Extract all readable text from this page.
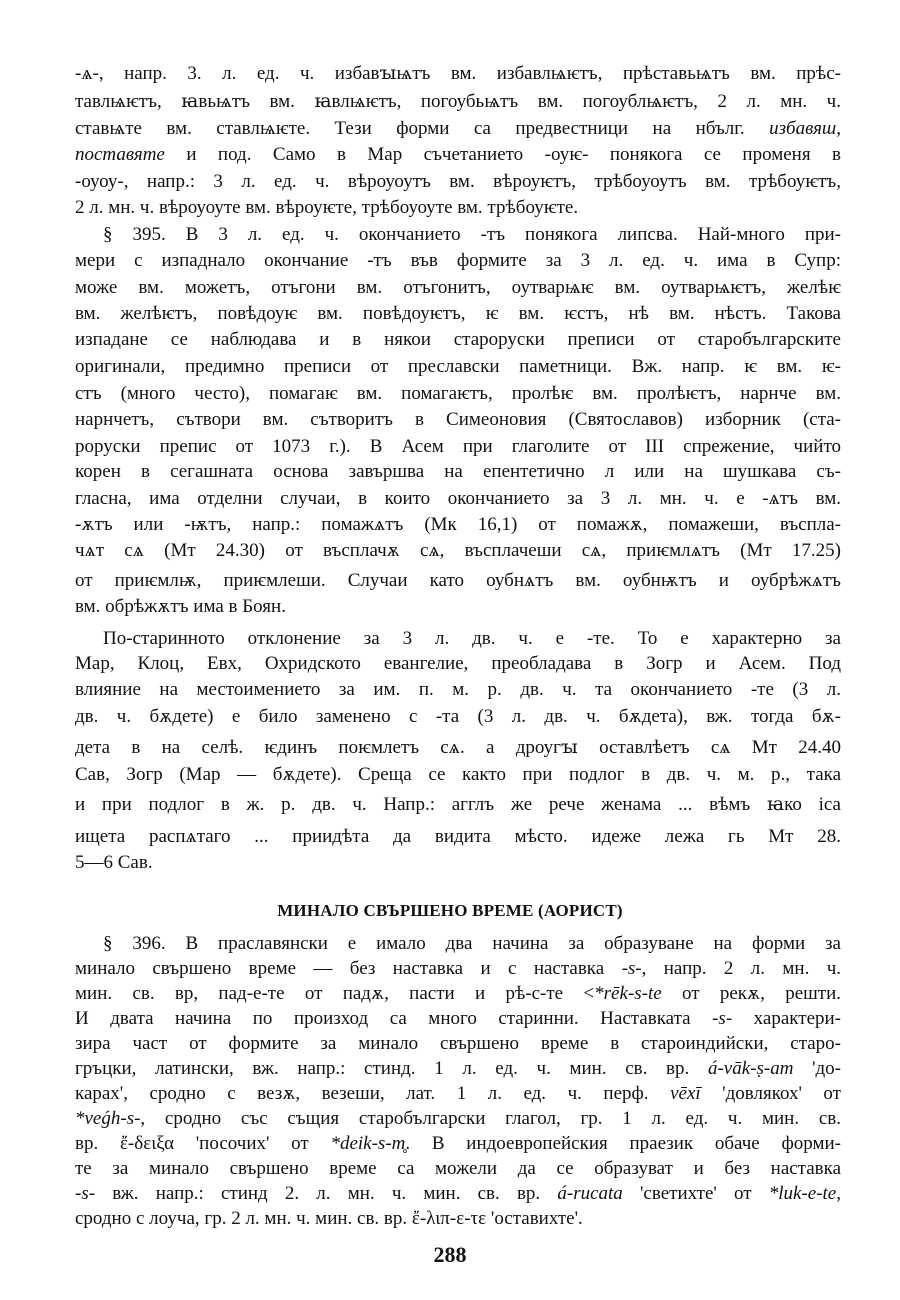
-ѧ-, напр. 3. л. ед. ч. избавꙑѩтъ вм. избавлѩѥтъ, прѣставьѩтъ вм. прѣс-
тавлѩѥтъ, ꙗвьѩтъ вм. ꙗвлѩѥтъ, погоубьѩтъ вм. погоублѩѥтъ, 2 л. мн. ч.
ставѩте вм. ставлѩѥте. Тези форми са предвестници на нбълг. избавяш,
поставяте и под. Само в Мар съчетанието -оуѥ- понякога се променя в
-оуоу-, напр.: 3 л. ед. ч. вѣроуоутъ вм. вѣроуѥтъ, трѣбоуоутъ вм. трѣбоуѥтъ,
2 л. мн. ч. вѣроуоуте вм. вѣроуѥте, трѣбоуоуте вм. трѣбоуѥте.
§ 395. В 3 л. ед. ч. окончанието -тъ понякога липсва. Най-много при-
мери с изпаднало окончание -тъ във формите за 3 л. ед. ч. има в Супр:
може вм. можетъ, отъгони вм. отъгонитъ, оутварѩѥ вм. оутварѩѥтъ, желѣѥ
вм. желѣѥтъ, повѣдоуѥ вм. повѣдоуѥтъ, ѥ вм. ѥстъ, нѣ вм. нѣстъ. Такова
изпадане се наблюдава и в някои староруски преписи от старобългарските
оригинали, предимно преписи от преславски паметници. Вж. напр. ѥ вм. ѥ-
стъ (много често), помагаѥ вм. помагаѥтъ, пролѣѥ вм. пролѣѥтъ, нарнче вм.
нарнчетъ, сътвори вм. сътворитъ в Симеоновия (Святославов) изборник (ста-
роруски препис от 1073 г.). В Асем при глаголите от III спрежение, чийто
корен в сегашната основа завършва на епентетично л или на шушкава съ-
гласна, има отделни случаи, в които окончанието за 3 л. мн. ч. е -ѧтъ вм.
-ѫтъ или -ѭтъ, напр.: помажѧтъ (Мк 16,1) от помажѫ, помажеши, въспла-
чѧт сѧ (Мт 24.30) от въсплачѫ сѧ, въсплачеши сѧ, приѥмлѧтъ (Мт 17.25)
от приѥмлѭ, приѥмлеши. Случаи като оубнѧтъ вм. оубнѭтъ и оубрѣжѧтъ
вм. обрѣжѫтъ има в Боян.
По-старинното отклонение за 3 л. дв. ч. е -те. То е характерно за
Мар, Клоц, Евх, Охридското евангелие, преобладава в Зогр и Асем. Под
влияние на местоимението за им. п. м. р. дв. ч. та окончанието -те (3 л.
дв. ч. бѫдете) е било заменено с -та (3 л. дв. ч. бѫдета), вж. тогда бѫ-
дета в на селѣ. ѥдинъ поѥмлетъ сѧ. а дроугꙑ оставлѣетъ сѧ Мт 24.40
Сав, Зогр (Мар — бѫдете). Среща се както при подлог в дв. ч. м. р., така
и при подлог в ж. р. дв. ч. Напр.: агглъ же рече женама ... вѣмъ ꙗко іса
ищета распѧтаго ... приидѣта да видита мѣсто. идеже лежа гь Мт 28.
5—6 Сав.
§ 396. В праславянски е имало два начина за образуване на форми за
минало свършено време — без наставка и с наставка -s-, напр. 2 л. мн. ч.
мин. св. вр, пад-е-те от падѫ, пасти и рѣ-с-те <*rēk-s-te от рекѫ, решти.
И двата начина по произход са много старинни. Наставката -s- характери-
зира част от формите за минало свършено време в староиндийски, старо-
гръцки, латински, вж. напр.: стинд. 1 л. ед. ч. мин. св. вр. á-vāk-ṣ-am 'до-
карах', сродно с везѫ, везеши, лат. 1 л. ед. ч. перф. vēxī 'довлякох' от
*veǵh-s-, сродно със същия старобългарски глагол, гр. 1 л. ед. ч. мин. св.
вр. ἔ-δειξα 'посочих' от *deik-s-m̥. В индоевропейския праезик обаче форми-
те за минало свършено време са можели да се образуват и без наставка
-s- вж. напр.: стинд 2. л. мн. ч. мин. св. вр. á-rucata 'светихте' от *luk-e-te,
сродно с лоуча, гр. 2 л. мн. ч. мин. св. вр. ἔ-λιπ-ε-τε 'оставихте'.
МИНАЛО СВЪРШЕНО ВРЕМЕ (АОРИСТ)
288
